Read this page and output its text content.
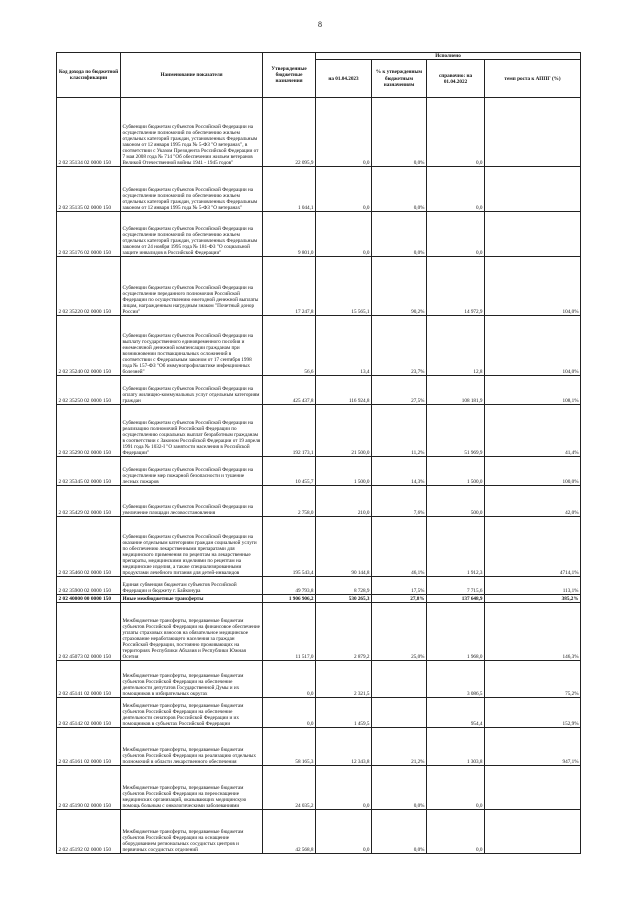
8
Код дохода по бюджетной классификации	Наименование показателя	Утвержденные бюджетные назначения	Исполнено			
			на 01.04.2023	% к утвержденным бюджетным назначениям	справочно: на 01.04.2022	темп роста к АППГ (%)
2 02 35134 02 0000 150	Субвенции бюджетам субъектов Российской Федерации на осуществление полномочий по обеспечению жильем отдельных категорий граждан, установленных Федеральным законом от 12 января 1995 года № 5-ФЗ "О ветеранах", в соответствии с Указом Президента Российской Федерации от 7 мая 2008 года № 714 "Об обеспечении жильем ветеранов Великой Отечественной войны 1941 - 1945 годов"	22 095,9	0,0	0,0%	0,0	
2 02 35135 02 0000 150	Субвенции бюджетам субъектов Российской Федерации на осуществление полномочий по обеспечению жильем отдельных категорий граждан, установленных Федеральным законом от 12 января 1995 года № 5-ФЗ "О ветеранах"	1 044,1	0,0	0,0%	0,0	
2 02 35176 02 0000 150	Субвенции бюджетам субъектов Российской Федерации на осуществление полномочий по обеспечению жильем отдельных категорий граждан, установленных Федеральным законом от 24 ноября 1995 года № 181-ФЗ "О социальной защите инвалидов в Российской Федерации"	9 801,0	0,0	0,0%	0,0	
2 02 35220 02 0000 150	Субвенции бюджетам субъектов Российской Федерации на осуществление переданного полномочия Российской Федерации по осуществлению ежегодной денежной выплаты лицам, награжденным нагрудным знаком "Почетный донор России"	17 247,8	15 565,1	90,2%	14 972,9	104,0%
2 02 35240 02 0000 150	Субвенции бюджетам субъектов Российской Федерации на выплату государственного единовременного пособия и ежемесячной денежной компенсации гражданам при возникновении поствакцинальных осложнений в соответствии с Федеральным законом от 17 сентября 1998 года № 157-ФЗ "Об иммунопрофилактике инфекционных болезней"	56,6	13,4	23,7%	12,8	104,0%
2 02 35250 02 0000 150	Субвенции бюджетам субъектов Российской Федерации на оплату жилищно-коммунальных услуг отдельным категориям граждан	425 437,8	116 924,8	27,5%	108 181,9	108,1%
2 02 35290 02 0000 150	Субвенции бюджетам субъектов Российской Федерации на реализацию полномочий Российской Федерации по осуществлению социальных выплат безработным гражданам в соответствии с Законом Российской Федерации от 19 апреля 1991 года № 1032-I "О занятости населения в Российской Федерации"	192 173,1	21 500,0	11,2%	51 969,9	41,4%
2 02 35345 02 0000 150	Субвенции бюджетам субъектов Российской Федерации на осуществление мер пожарной безопасности и тушение лесных пожаров	10 455,7	1 500,0	14,3%	1 500,0	100,0%
2 02 35429 02 0000 150	Субвенции бюджетам субъектов Российской Федерации на увеличение площади лесовосстановления	2 758,0	210,0	7,6%	500,0	42,0%
2 02 35460 02 0000 150	Субвенции бюджетам субъектов Российской Федерации на оказание отдельным категориям граждан социальной услуги по обеспечению лекарственными препаратами для медицинского применения по рецептам на лекарственные препараты, медицинскими изделиями по рецептам на медицинские изделия, а также специализированными продуктами лечебного питания для детей-инвалидов	195 543,4	90 144,8	46,1%	1 912,3	4714,1%
2 02 35900 02 0000 150	Единая субвенция бюджетам субъектов Российской Федерации и бюджету г. Байконура	49 793,8	8 728,9	17,5%	7 715,6	113,1%
2 02 40000 00 0000 150	Иные межбюджетные трансферты	1 906 906,2	530 265,3	27,8%	137 648,9	385,2%
2 02 45073 02 0000 150	Межбюджетные трансферты, передаваемые бюджетам субъектов Российской Федерации на финансовое обеспечение уплаты страховых взносов на обязательное медицинское страхование неработающего населения за граждан Российской Федерации, постоянно проживающих на территориях Республики Абхазия и Республики Южная Осетия	11 517,0	2 879,2	25,0%	1 968,0	146,3%
2 02 45141 02 0000 150	Межбюджетные трансферты, передаваемые бюджетам субъектов Российской Федерации на обеспечение деятельности депутатов Государственной Думы и их помощников в избирательных округах	0,0	2 321,5		3 086,5	75,2%
2 02 45142 02 0000 150	Межбюджетные трансферты, передаваемые бюджетам субъектов Российской Федерации на обеспечение деятельности сенаторов Российской Федерации и их помощников в субъектах Российской Федерации	0,0	1 459,5		954,4	152,9%
2 02 45161 02 0000 150	Межбюджетные трансферты, передаваемые бюджетам субъектов Российской Федерации на реализацию отдельных полномочий в области лекарственного обеспечения	58 165,3	12 343,8	21,2%	1 303,8	947,1%
2 02 45190 02 0000 150	Межбюджетные трансферты, передаваемые бюджетам субъектов Российской Федерации на переоснащение медицинских организаций, оказывающих медицинскую помощь больным с онкологическими заболеваниями	24 035,2	0,0	0,0%	0,0	
2 02 45192 02 0000 150	Межбюджетные трансферты, передаваемые бюджетам субъектов Российской Федерации на оснащение оборудованием региональных сосудистых центров и первичных сосудистых отделений	42 568,8	0,0	0,0%	0,0	
